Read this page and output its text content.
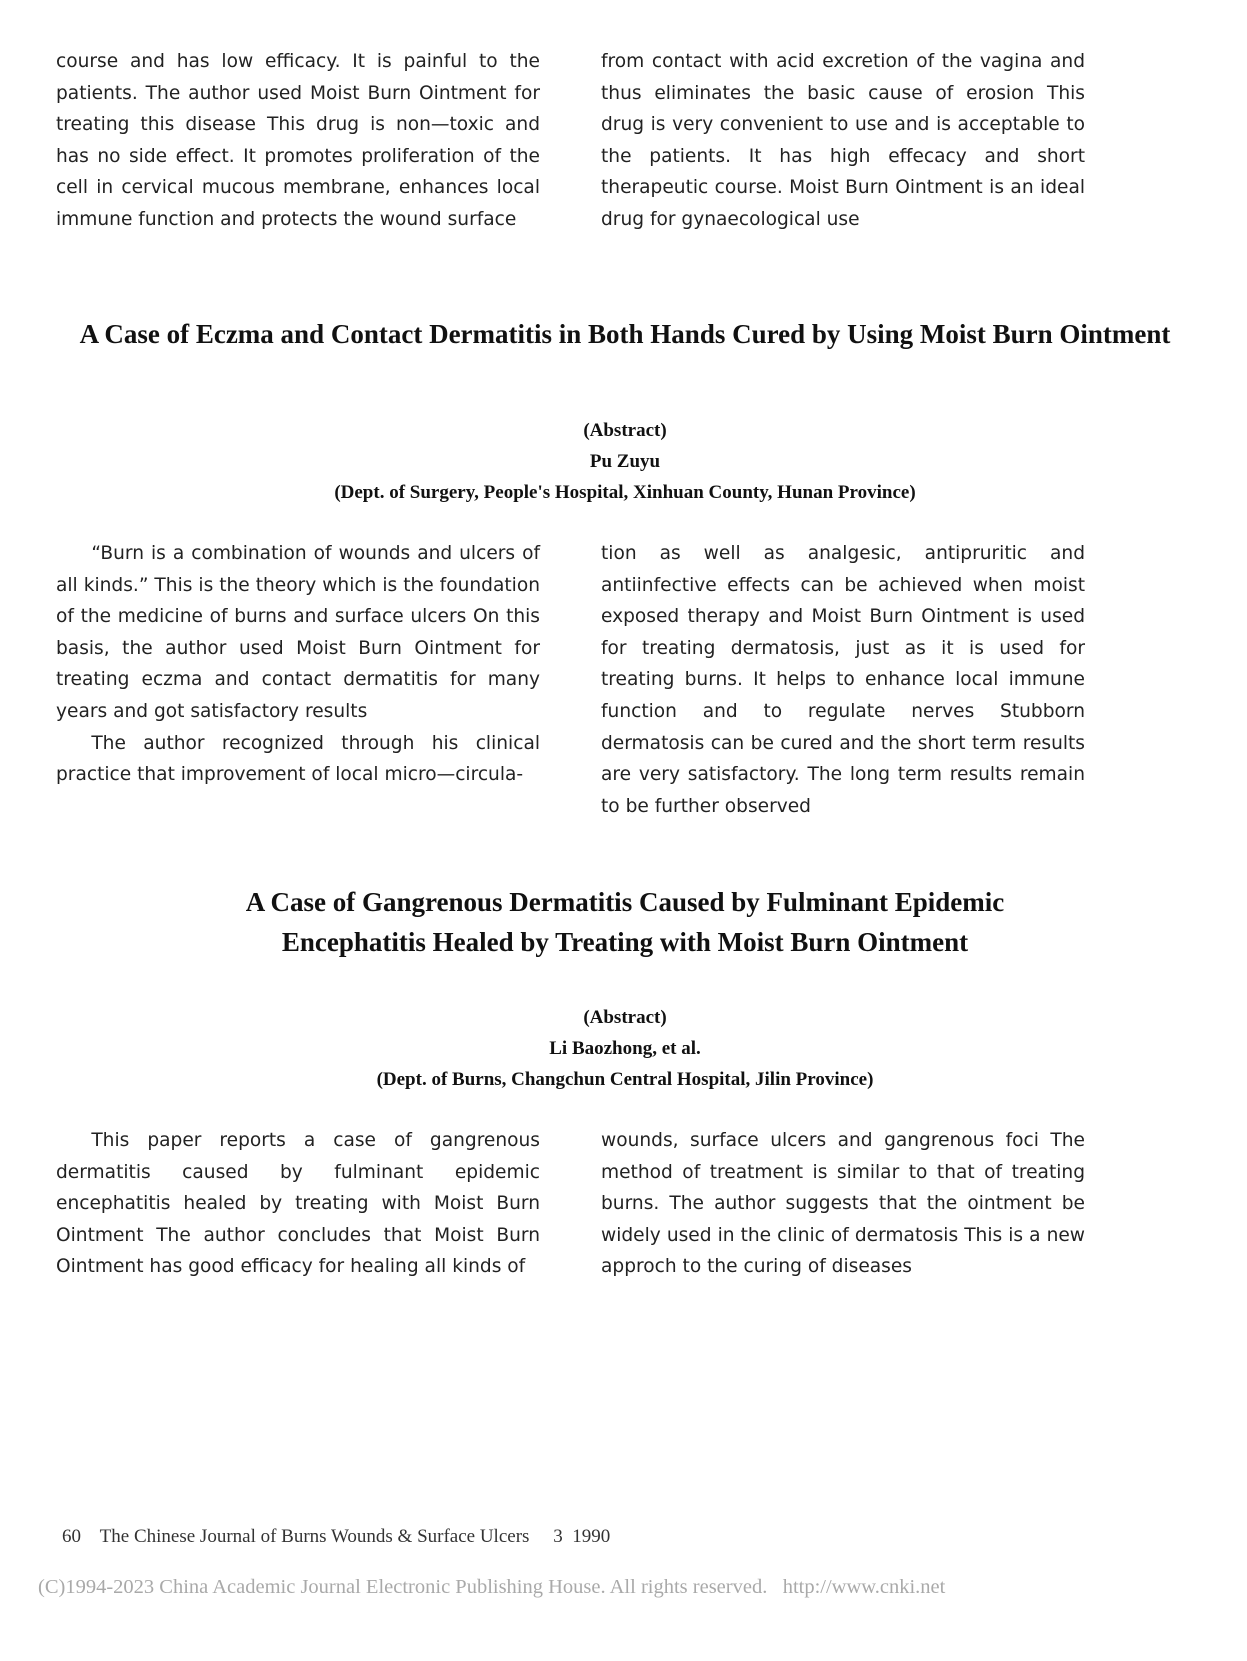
course and has low efficacy. It is painful to the patients. The author used Moist Burn Ointment for treating this disease This drug is non—toxic and has no side effect. It promotes proliferation of the cell in cervical mucous membrane, enhances local immune function and protects the wound surface

from contact with acid excretion of the vagina and thus eliminates the basic cause of erosion This drug is very convenient to use and is acceptable to the patients. It has high effecacy and short therapeutic course. Moist Burn Ointment is an ideal drug for gynaecological use

A Case of Eczma and Contact Dermatitis in Both Hands Cured by Using Moist Burn Ointment
(Abstract)
Pu Zuyu
(Dept. of Surgery, People's Hospital, Xinhuan County, Hunan Province)

“Burn is a combination of wounds and ulcers of all kinds.” This is the theory which is the foundation of the medicine of burns and surface ulcers On this basis, the author used Moist Burn Ointment for treating eczma and contact dermatitis for many years and got satisfactory results

The author recognized through his clinical practice that improvement of local micro—circula-

tion as well as analgesic, antipruritic and antiinfective effects can be achieved when moist exposed therapy and Moist Burn Ointment is used for treating dermatosis, just as it is used for treating burns. It helps to enhance local immune function and to regulate nerves Stubborn dermatosis can be cured and the short term results are very satisfactory. The long term results remain to be further observed

A Case of Gangrenous Dermatitis Caused by Fulminant Epidemic
Encephatitis Healed by Treating with Moist Burn Ointment
(Abstract)
Li Baozhong, et al.
(Dept. of Burns, Changchun Central Hospital, Jilin Province)

This paper reports a case of gangrenous dermatitis caused by fulminant epidemic encephatitis healed by treating with Moist Burn Ointment The author concludes that Moist Burn Ointment has good efficacy for healing all kinds of

wounds, surface ulcers and gangrenous foci The method of treatment is similar to that of treating burns. The author suggests that the ointment be widely used in the clinic of dermatosis This is a new approch to the curing of diseases

60 The Chinese Journal of Burns Wounds & Surface Ulcers 3 1990
(C)1994-2023 China Academic Journal Electronic Publishing House. All rights reserved. http://www.cnki.net
